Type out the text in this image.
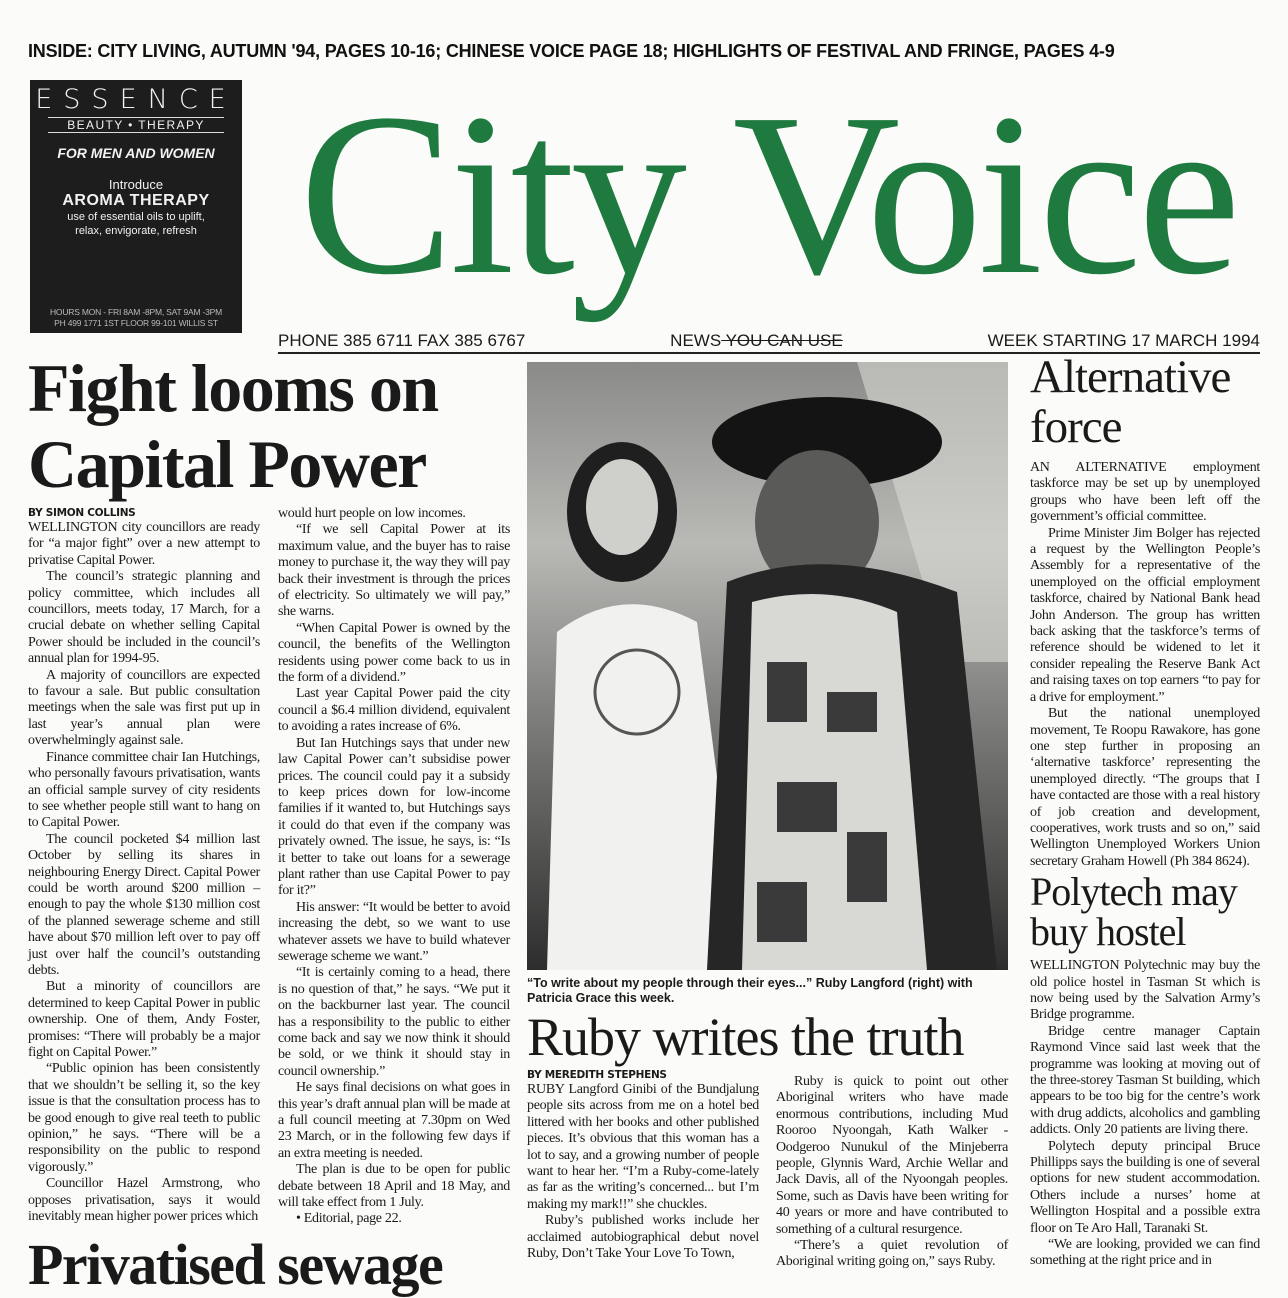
INSIDE: CITY LIVING, AUTUMN '94, PAGES 10-16; CHINESE VOICE PAGE 18; HIGHLIGHTS OF FESTIVAL AND FRINGE, PAGES 4-9
ESSENCE
BEAUTY • THERAPY
FOR MEN AND WOMEN
Introduce
AROMA THERAPY
use of essential oils to uplift,
relax, envigorate, refresh
HOURS MON - FRI 8AM -8PM, SAT 9AM -3PM
PH 499 1771 1ST FLOOR 99-101 WILLIS ST City Voice
PHONE 385 6711 FAX 385 6767	NEWS YOU CAN USE	WEEK STARTING 17 MARCH 1994
Fight looms on
Capital Power
BY SIMON COLLINS

WELLINGTON city councillors are ready for “a major fight” over a new attempt to privatise Capital Power.

The council’s strategic planning and policy committee, which includes all councillors, meets today, 17 March, for a crucial debate on whether selling Capital Power should be included in the council’s annual plan for 1994-95.

A majority of councillors are expected to favour a sale. But public consultation meetings when the sale was first put up in last year’s annual plan were overwhelmingly against sale.

Finance committee chair Ian Hutchings, who personally favours privatisation, wants an official sample survey of city residents to see whether people still want to hang on to Capital Power.

The council pocketed $4 million last October by selling its shares in neighbouring Energy Direct. Capital Power could be worth around $200 million – enough to pay the whole $130 million cost of the planned sewerage scheme and still have about $70 million left over to pay off just over half the council’s outstanding debts.

But a minority of councillors are determined to keep Capital Power in public ownership. One of them, Andy Foster, promises: “There will probably be a major fight on Capital Power.”

“Public opinion has been consistently that we shouldn’t be selling it, so the key issue is that the consultation process has to be good enough to give real teeth to public opinion,” he says. “There will be a responsibility on the public to respond vigorously.”

Councillor Hazel Armstrong, who opposes privatisation, says it would inevitably mean higher power prices which

would hurt people on low incomes.

“If we sell Capital Power at its maximum value, and the buyer has to raise money to purchase it, the way they will pay back their investment is through the prices of electricity. So ultimately we will pay,” she warns.

“When Capital Power is owned by the council, the benefits of the Wellington residents using power come back to us in the form of a dividend.”

Last year Capital Power paid the city council a $6.4 million dividend, equivalent to avoiding a rates increase of 6%.

But Ian Hutchings says that under new law Capital Power can’t subsidise power prices. The council could pay it a subsidy to keep prices down for low-income families if it wanted to, but Hutchings says it could do that even if the company was privately owned. The issue, he says, is: “Is it better to take out loans for a sewerage plant rather than use Capital Power to pay for it?”

His answer: “It would be better to avoid increasing the debt, so we want to use whatever assets we have to build whatever sewerage scheme we want.”

“It is certainly coming to a head, there is no question of that,” he says. “We put it on the backburner last year. The council has a responsibility to the public to either come back and say we now think it should be sold, or we think it should stay in council ownership.”

He says final decisions on what goes in this year’s draft annual plan will be made at a full council meeting at 7.30pm on Wed 23 March, or in the following few days if an extra meeting is needed.

The plan is due to be open for public debate between 18 April and 18 May, and will take effect from 1 July.

• Editorial, page 22.

Privatised sewage
“To write about my people through their eyes...” Ruby Langford (right) with Patricia Grace this week.
Ruby writes the truth
BY MEREDITH STEPHENS

RUBY Langford Ginibi of the Bundjalung people sits across from me on a hotel bed littered with her books and other published pieces. It’s obvious that this woman has a lot to say, and a growing number of people want to hear her. “I’m a Ruby-come-lately as far as the writing’s concerned... but I’m making my mark!!” she chuckles.

Ruby’s published works include her acclaimed autobiographical debut novel Ruby, Don’t Take Your Love To Town,

Ruby is quick to point out other Aboriginal writers who have made enormous contributions, including Mud Rooroo Nyoongah, Kath Walker - Oodgeroo Nunukul of the Minjeberra people, Glynnis Ward, Archie Wellar and Jack Davis, all of the Nyoongah peoples. Some, such as Davis have been writing for 40 years or more and have contributed to something of a cultural resurgence.

“There’s a quiet revolution of Aboriginal writing going on,” says Ruby.

Alternative
force

AN ALTERNATIVE employment taskforce may be set up by unemployed groups who have been left off the government’s official committee.

Prime Minister Jim Bolger has rejected a request by the Wellington People’s Assembly for a representative of the unemployed on the official employment taskforce, chaired by National Bank head John Anderson. The group has written back asking that the taskforce’s terms of reference should be widened to let it consider repealing the Reserve Bank Act and raising taxes on top earners “to pay for a drive for employment.”

But the national unemployed movement, Te Roopu Rawakore, has gone one step further in proposing an ‘alternative taskforce’ representing the unemployed directly. “The groups that I have contacted are those with a real history of job creation and development, cooperatives, work trusts and so on,” said Wellington Unemployed Workers Union secretary Graham Howell (Ph 384 8624).

Polytech may
buy hostel

WELLINGTON Polytechnic may buy the old police hostel in Tasman St which is now being used by the Salvation Army’s Bridge programme.

Bridge centre manager Captain Raymond Vince said last week that the programme was looking at moving out of the three-storey Tasman St building, which appears to be too big for the centre’s work with drug addicts, alcoholics and gambling addicts. Only 20 patients are living there.

Polytech deputy principal Bruce Phillipps says the building is one of several options for new student accommodation. Others include a nurses’ home at Wellington Hospital and a possible extra floor on Te Aro Hall, Taranaki St.

“We are looking, provided we can find something at the right price and in
